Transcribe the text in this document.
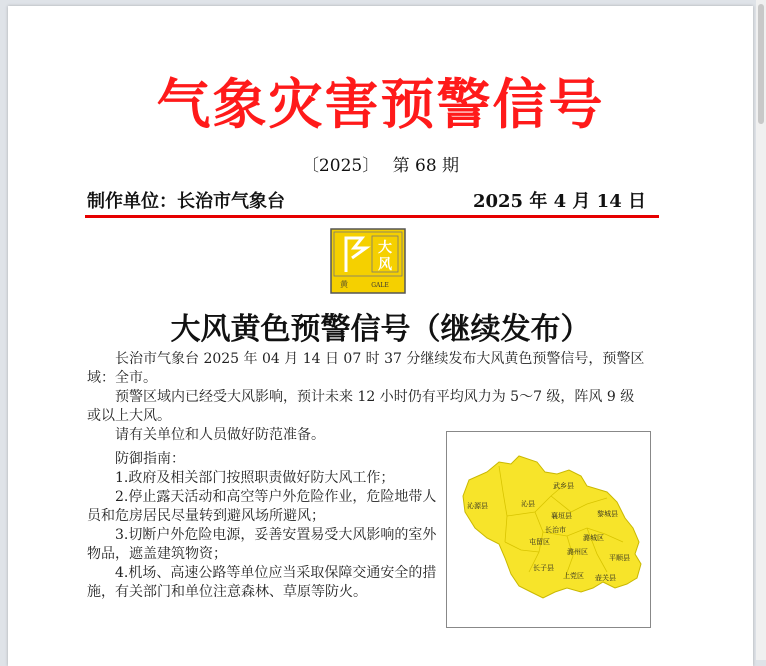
气象灾害预警信号
〔2025〕 第 68 期
制作单位：长治市气象台	2025 年 4 月 14 日
大
风
黄	GALE
大风黄色预警信号（继续发布）

长治市气象台 2025 年 04 月 14 日 07 时 37 分继续发布大风黄色预警信号，预警区域：全市。

预警区域内已经受大风影响，预计未来 12 小时仍有平均风力为 5～7 级，阵风 9 级或以上大风。

请有关单位和人员做好防范准备。

防御指南：

1.政府及相关部门按照职责做好防大风工作；

2.停止露天活动和高空等户外危险作业，危险地带人员和危房居民尽量转到避风场所避风；

3.切断户外危险电源，妥善安置易受大风影响的室外物品，遮盖建筑物资；

4.机场、高速公路等单位应当采取保障交通安全的措施，有关部门和单位注意森林、草原等防火。

沁源县	沁县
武乡县
襄垣县	黎城县
长治市
潞城区
屯留区
潞州区
平顺县
长子县
上党区 壶关县
